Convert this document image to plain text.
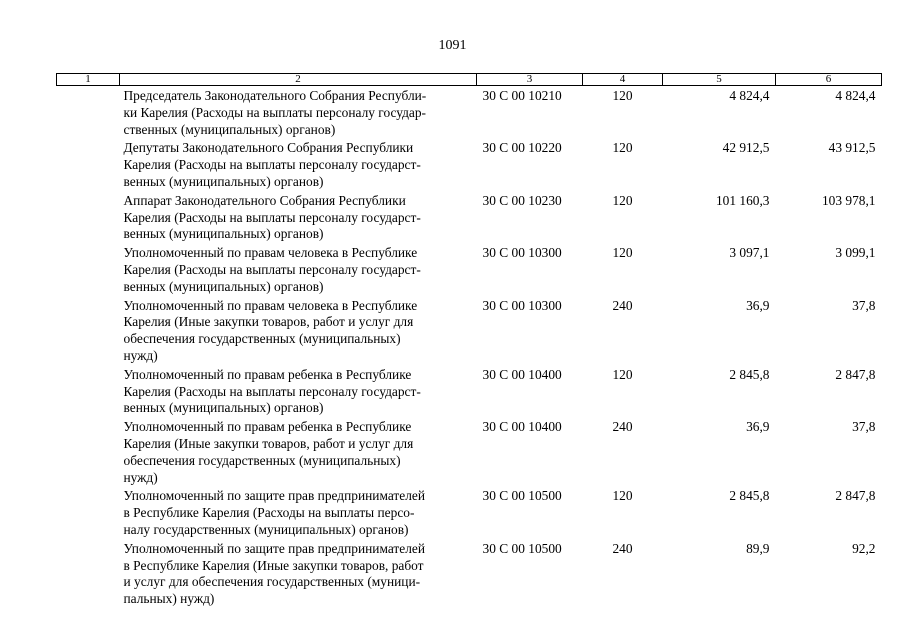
1091
1	2	3	4	5	6

	Председатель Законодательного Собрания Республи-
ки Карелия (Расходы на выплаты персоналу государ-
ственных (муниципальных) органов)	30 С 00 10210	120	4 824,4	4 824,4

	Депутаты Законодательного Собрания Республики
Карелия (Расходы на выплаты персоналу государст-
венных (муниципальных) органов)	30 С 00 10220	120	42 912,5	43 912,5

	Аппарат Законодательного Собрания Республики
Карелия (Расходы на выплаты персоналу государст-
венных (муниципальных) органов)	30 С 00 10230	120	101 160,3	103 978,1

	Уполномоченный по правам человека в Республике
Карелия (Расходы на выплаты персоналу государст-
венных (муниципальных) органов)	30 С 00 10300	120	3 097,1	3 099,1

	Уполномоченный по правам человека в Республике
Карелия (Иные закупки товаров, работ и услуг для
обеспечения государственных (муниципальных)
нужд)	30 С 00 10300	240	36,9	37,8

	Уполномоченный по правам ребенка в Республике
Карелия (Расходы на выплаты персоналу государст-
венных (муниципальных) органов)	30 С 00 10400	120	2 845,8	2 847,8

	Уполномоченный по правам ребенка в Республике
Карелия (Иные закупки товаров, работ и услуг для
обеспечения государственных (муниципальных)
нужд)	30 С 00 10400	240	36,9	37,8

	Уполномоченный по защите прав предпринимателей
в Республике Карелия (Расходы на выплаты персо-
налу государственных (муниципальных) органов)	30 С 00 10500	120	2 845,8	2 847,8

	Уполномоченный по защите прав предпринимателей
в Республике Карелия (Иные закупки товаров, работ
и услуг для обеспечения государственных (муници-
пальных) нужд)	30 С 00 10500	240	89,9	92,2
